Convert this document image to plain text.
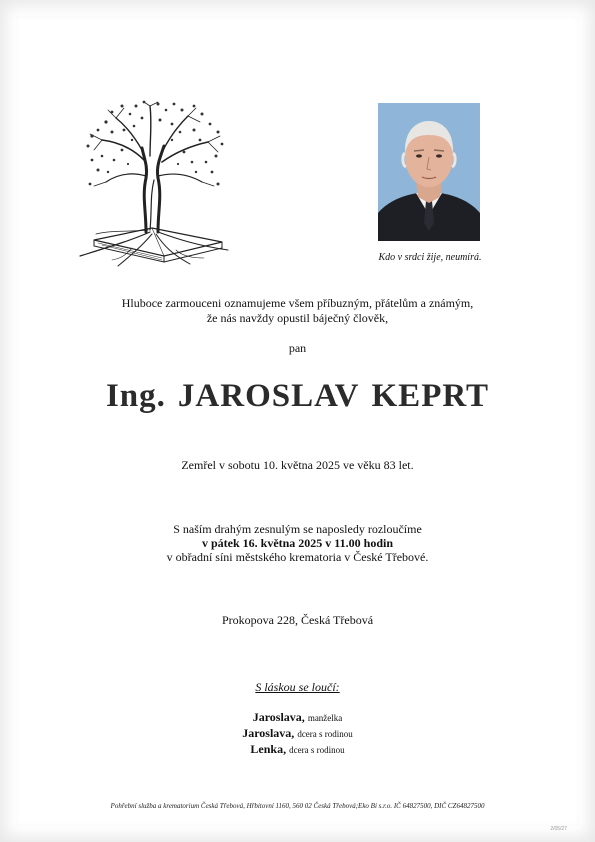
Kdo v srdci žije, neumírá.
Hluboce zarmouceni oznamujeme všem příbuzným, přátelům a známým,
že nás navždy opustil báječný člověk,
pan
Ing. JAROSLAV KEPRT
Zemřel v sobotu 10. května 2025 ve věku 83 let.
S naším drahým zesnulým se naposledy rozloučíme
v pátek 16. května 2025 v 11.00 hodin
v obřadní síni městského krematoria v České Třebové.
Prokopova 228, Česká Třebová
S láskou se loučí:
Jaroslava, manželka
Jaroslava, dcera s rodinou
Lenka, dcera s rodinou
Pohřební služba a krematorium Česká Třebová, Hřbitovní 1160, 560 02 Česká Třebová;Eko Bi s.r.o. IČ 64827500, DIČ CZ64827500
2/05/27
